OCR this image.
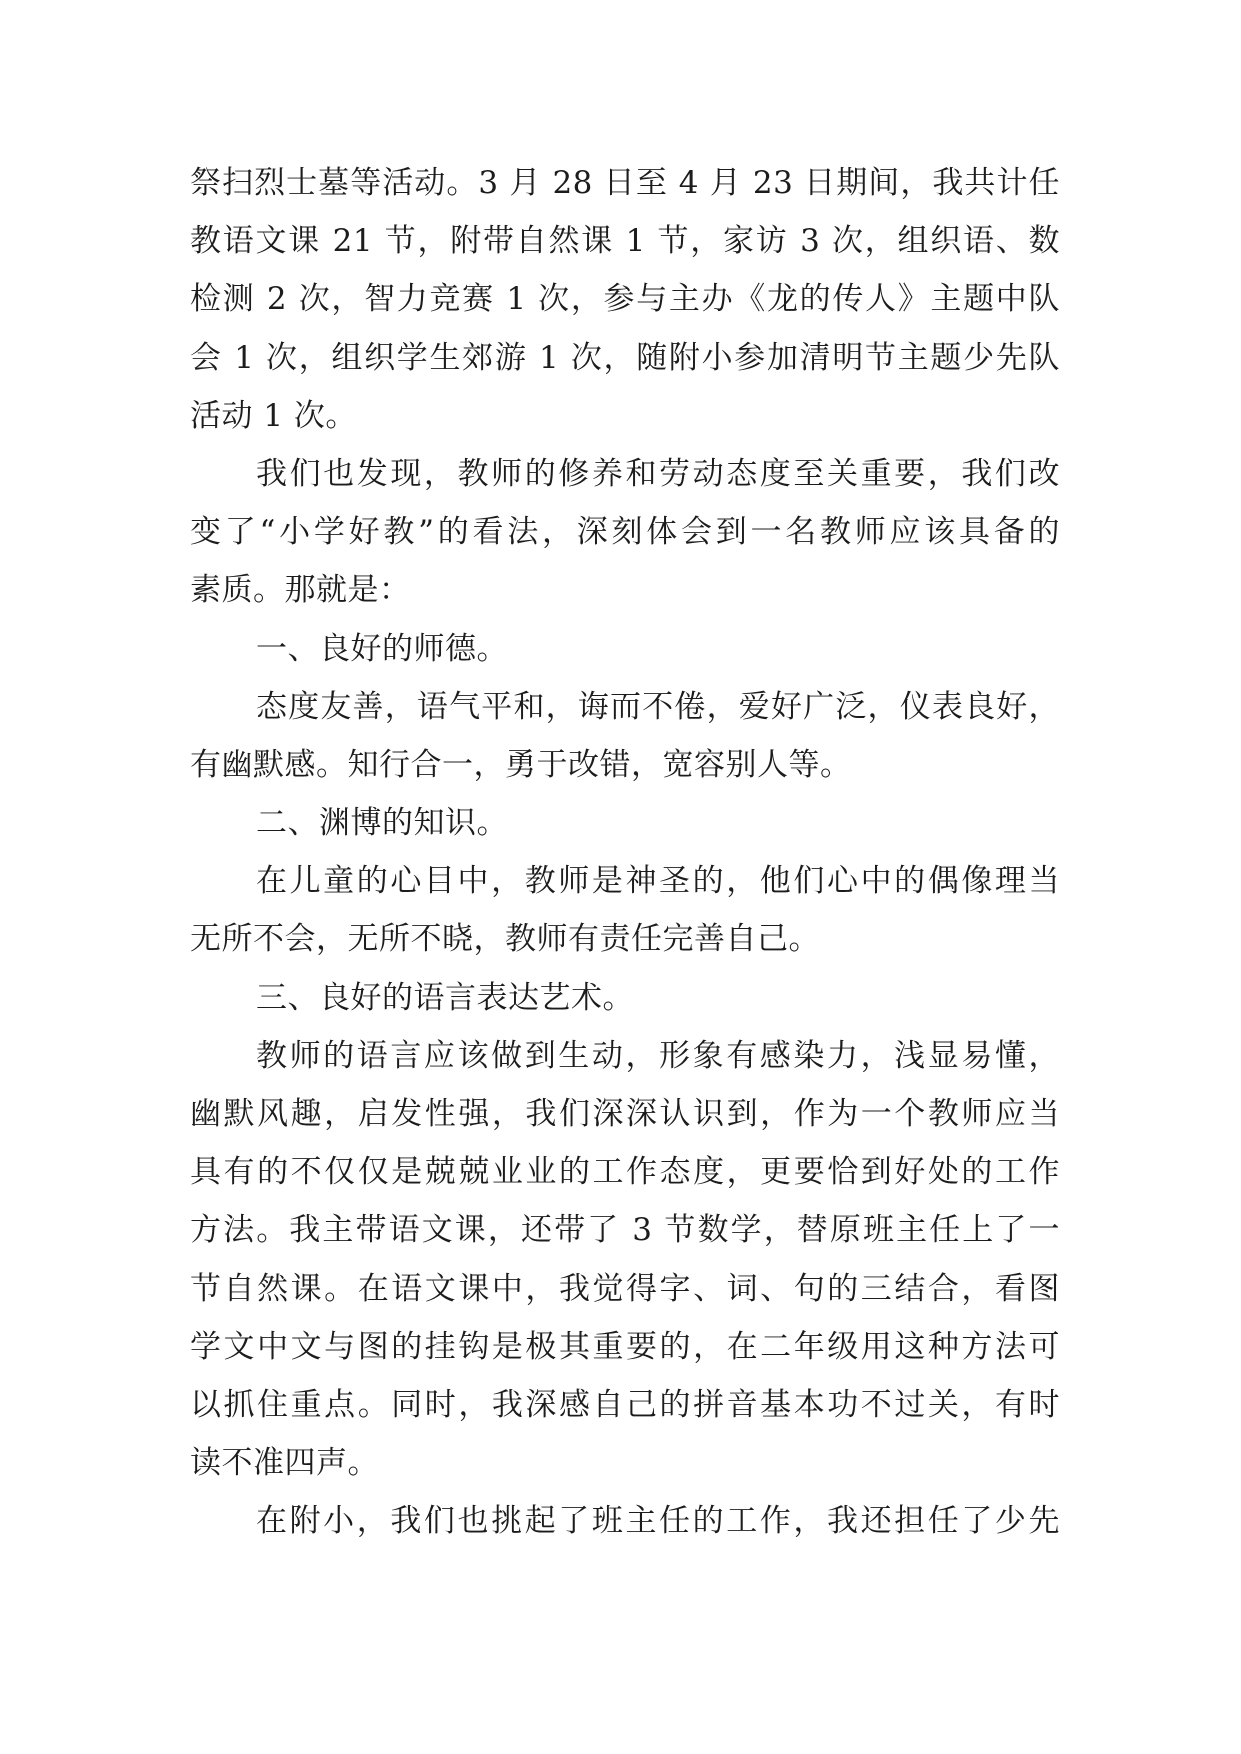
祭扫烈士墓等活动。3 月 28 日至 4 月 23 日期间，我共计任
教语文课 21 节，附带自然课 1 节，家访 3 次，组织语、数
检测 2 次，智力竞赛 1 次，参与主办《龙的传人》主题中队
会 1 次，组织学生郊游 1 次，随附小参加清明节主题少先队
活动 1 次。
我们也发现，教师的修养和劳动态度至关重要，我们改
变了“小学好教”的看法，深刻体会到一名教师应该具备的
素质。那就是：
一、良好的师德。
态度友善，语气平和，诲而不倦，爱好广泛，仪表良好，
有幽默感。知行合一，勇于改错，宽容别人等。
二、渊博的知识。
在儿童的心目中，教师是神圣的，他们心中的偶像理当
无所不会，无所不晓，教师有责任完善自己。
三、良好的语言表达艺术。
教师的语言应该做到生动，形象有感染力，浅显易懂，
幽默风趣，启发性强，我们深深认识到，作为一个教师应当
具有的不仅仅是兢兢业业的工作态度，更要恰到好处的工作
方法。我主带语文课，还带了 3 节数学，替原班主任上了一
节自然课。在语文课中，我觉得字、词、句的三结合，看图
学文中文与图的挂钩是极其重要的，在二年级用这种方法可
以抓住重点。同时，我深感自己的拼音基本功不过关，有时
读不准四声。
在附小，我们也挑起了班主任的工作，我还担任了少先
